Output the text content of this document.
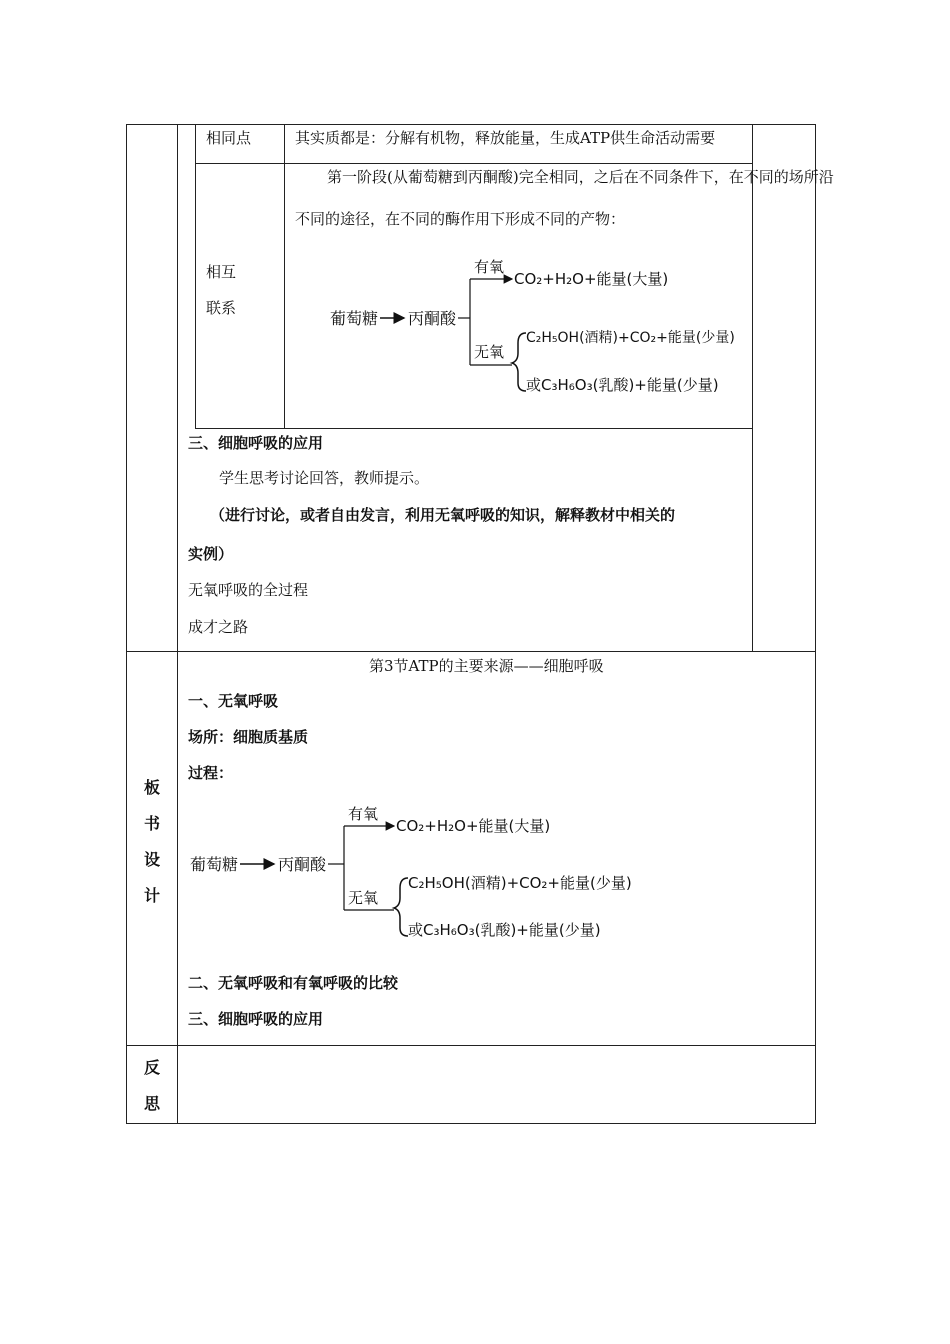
相同点	其实质都是：分解有机物，释放能量，生成ATP供生命活动需要
相互
联系
第一阶段(从葡萄糖到丙酮酸)完全相同，之后在不同条件下，在不同的场所沿
不同的途径，在不同的酶作用下形成不同的产物：
葡萄糖 丙酮酸
有氧
无氧
CO₂+H₂O+能量(大量)
C₂H₅OH(酒精)+CO₂+能量(少量)
或C₃H₆O₃(乳酸)+能量(少量)
三、细胞呼吸的应用
学生思考讨论回答，教师提示。
（进行讨论，或者自由发言，利用无氧呼吸的知识，解释教材中相关的
实例）
无氧呼吸的全过程
成才之路
板
书
设
计
第3节ATP的主要来源——细胞呼吸
一、无氧呼吸
场所：细胞质基质
过程：
葡萄糖 丙酮酸
有氧
无氧
CO₂+H₂O+能量(大量)
C₂H₅OH(酒精)+CO₂+能量(少量)
或C₃H₆O₃(乳酸)+能量(少量)
二、无氧呼吸和有氧呼吸的比较
三、细胞呼吸的应用
反
思
